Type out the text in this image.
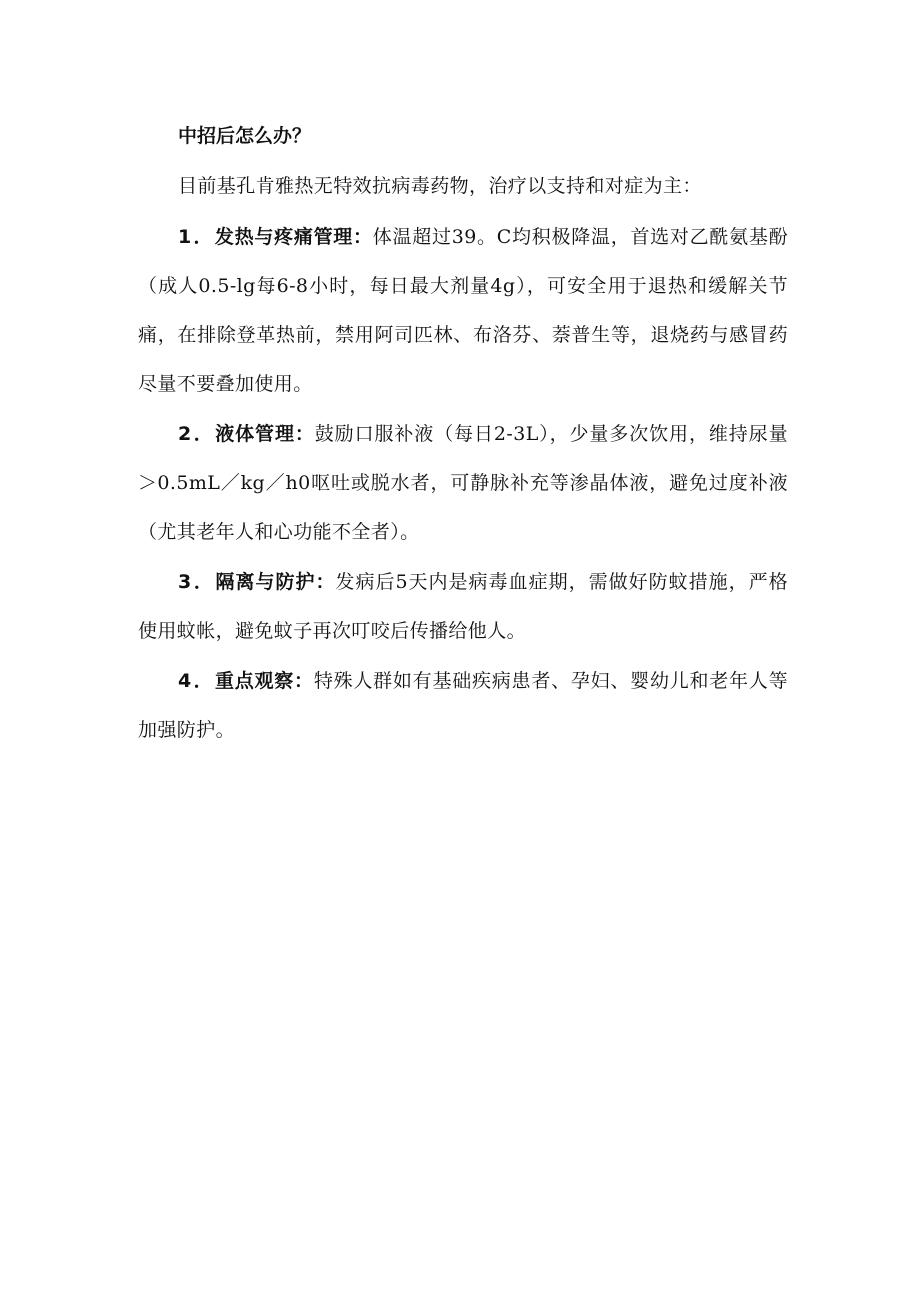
中招后怎么办？

目前基孔肯雅热无特效抗病毒药物，治疗以支持和对症为主：

1．发热与疼痛管理：体温超过39。C均积极降温，首选对乙酰氨基酚（成人0.5-lg每6-8小时，每日最大剂量4g），可安全用于退热和缓解关节痛，在排除登革热前，禁用阿司匹林、布洛芬、萘普生等，退烧药与感冒药尽量不要叠加使用。

2．液体管理：鼓励口服补液（每日2-3L），少量多次饮用，维持尿量＞0.5mL／kg／h0呕吐或脱水者，可静脉补充等渗晶体液，避免过度补液（尤其老年人和心功能不全者）。

3．隔离与防护：发病后5天内是病毒血症期，需做好防蚊措施，严格使用蚊帐，避免蚊子再次叮咬后传播给他人。

4．重点观察：特殊人群如有基础疾病患者、孕妇、婴幼儿和老年人等加强防护。
